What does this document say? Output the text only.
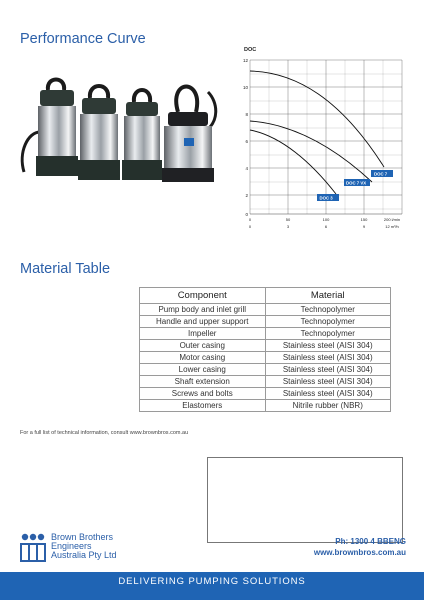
Performance Curve
DOC
12
10
8
6
4
2
0
0	50	100	150	200 l/min
0	3	6	9	12 m³/h
DOC 7
DOC 7 VX
DOC 3
Material Table
Component	Material
Pump body and inlet grill	Technopolymer
Handle and upper support	Technopolymer
Impeller	Technopolymer
Outer casing	Stainless steel (AISI 304)
Motor casing	Stainless steel (AISI 304)
Lower casing	Stainless steel (AISI 304)
Shaft extension	Stainless steel (AISI 304)
Screws and bolts	Stainless steel (AISI 304)
Elastomers	Nitrile rubber (NBR)
For a full list of technical information, consult www.brownbros.com.au
Brown Brothers
Engineers
Australia Pty Ltd
Ph: 1300 4 BBENG
www.brownbros.com.au
DELIVERING PUMPING SOLUTIONS
